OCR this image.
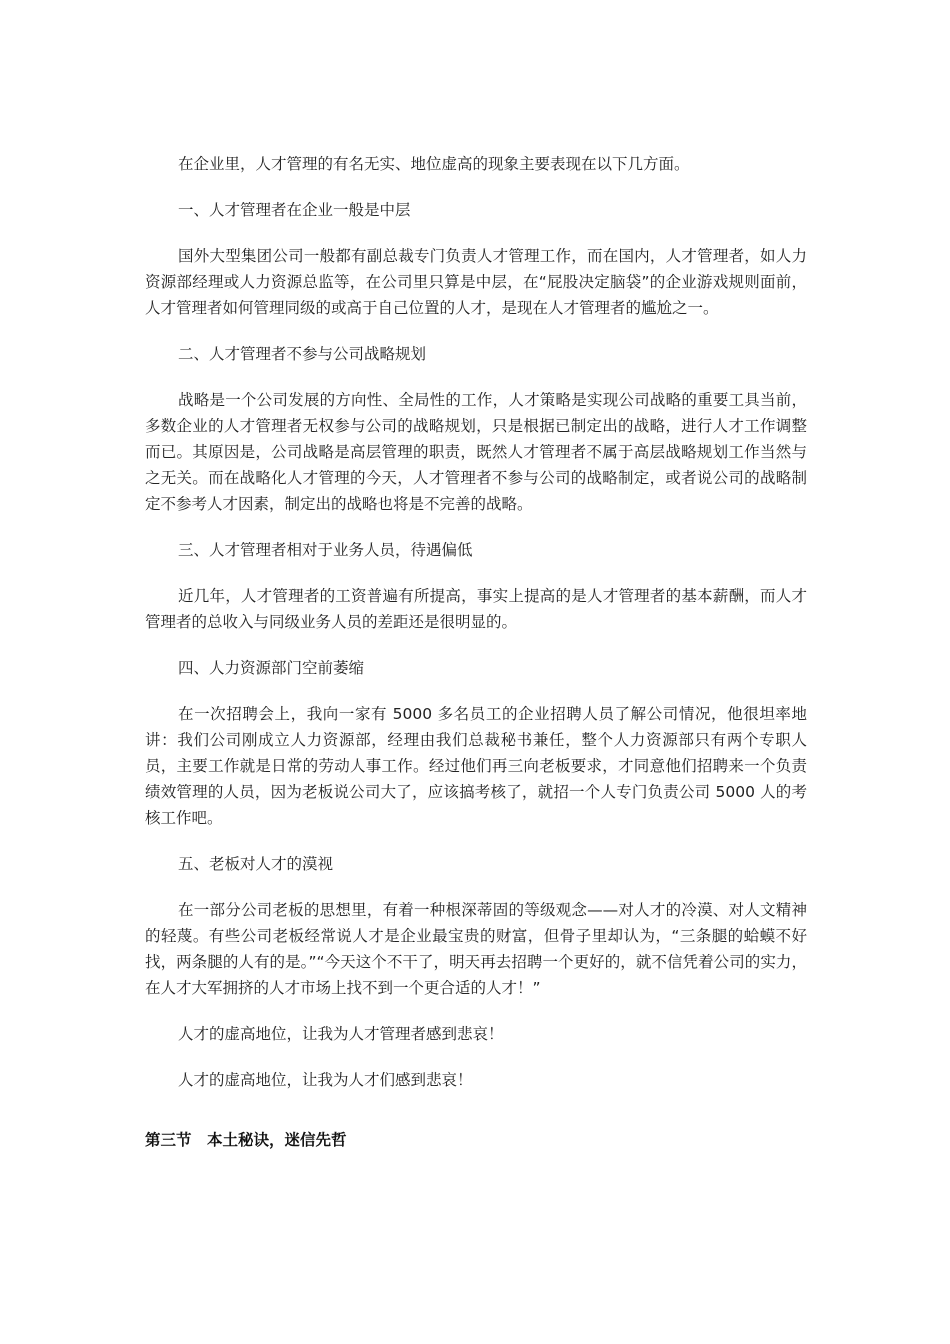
在企业里，人才管理的有名无实、地位虚高的现象主要表现在以下几方面。

一、人才管理者在企业一般是中层

国外大型集团公司一般都有副总裁专门负责人才管理工作，而在国内，人才管理者，如人力资源部经理或人力资源总监等，在公司里只算是中层，在“屁股决定脑袋”的企业游戏规则面前，人才管理者如何管理同级的或高于自己位置的人才，是现在人才管理者的尴尬之一。

二、人才管理者不参与公司战略规划

战略是一个公司发展的方向性、全局性的工作，人才策略是实现公司战略的重要工具当前，多数企业的人才管理者无权参与公司的战略规划，只是根据已制定出的战略，进行人才工作调整而已。其原因是，公司战略是高层管理的职责，既然人才管理者不属于高层战略规划工作当然与之无关。而在战略化人才管理的今天，人才管理者不参与公司的战略制定，或者说公司的战略制定不参考人才因素，制定出的战略也将是不完善的战略。

三、人才管理者相对于业务人员，待遇偏低

近几年，人才管理者的工资普遍有所提高，事实上提高的是人才管理者的基本薪酬，而人才管理者的总收入与同级业务人员的差距还是很明显的。

四、人力资源部门空前萎缩

在一次招聘会上，我向一家有 5000 多名员工的企业招聘人员了解公司情况，他很坦率地讲：我们公司刚成立人力资源部，经理由我们总裁秘书兼任，整个人力资源部只有两个专职人员，主要工作就是日常的劳动人事工作。经过他们再三向老板要求，才同意他们招聘来一个负责绩效管理的人员，因为老板说公司大了，应该搞考核了，就招一个人专门负责公司 5000 人的考核工作吧。

五、老板对人才的漠视

在一部分公司老板的思想里，有着一种根深蒂固的等级观念——对人才的冷漠、对人文精神的轻蔑。有些公司老板经常说人才是企业最宝贵的财富，但骨子里却认为，“三条腿的蛤蟆不好找，两条腿的人有的是。”“今天这个不干了，明天再去招聘一个更好的，就不信凭着公司的实力，在人才大军拥挤的人才市场上找不到一个更合适的人才！”

人才的虚高地位，让我为人才管理者感到悲哀！

人才的虚高地位，让我为人才们感到悲哀！

第三节　本土秘诀，迷信先哲
